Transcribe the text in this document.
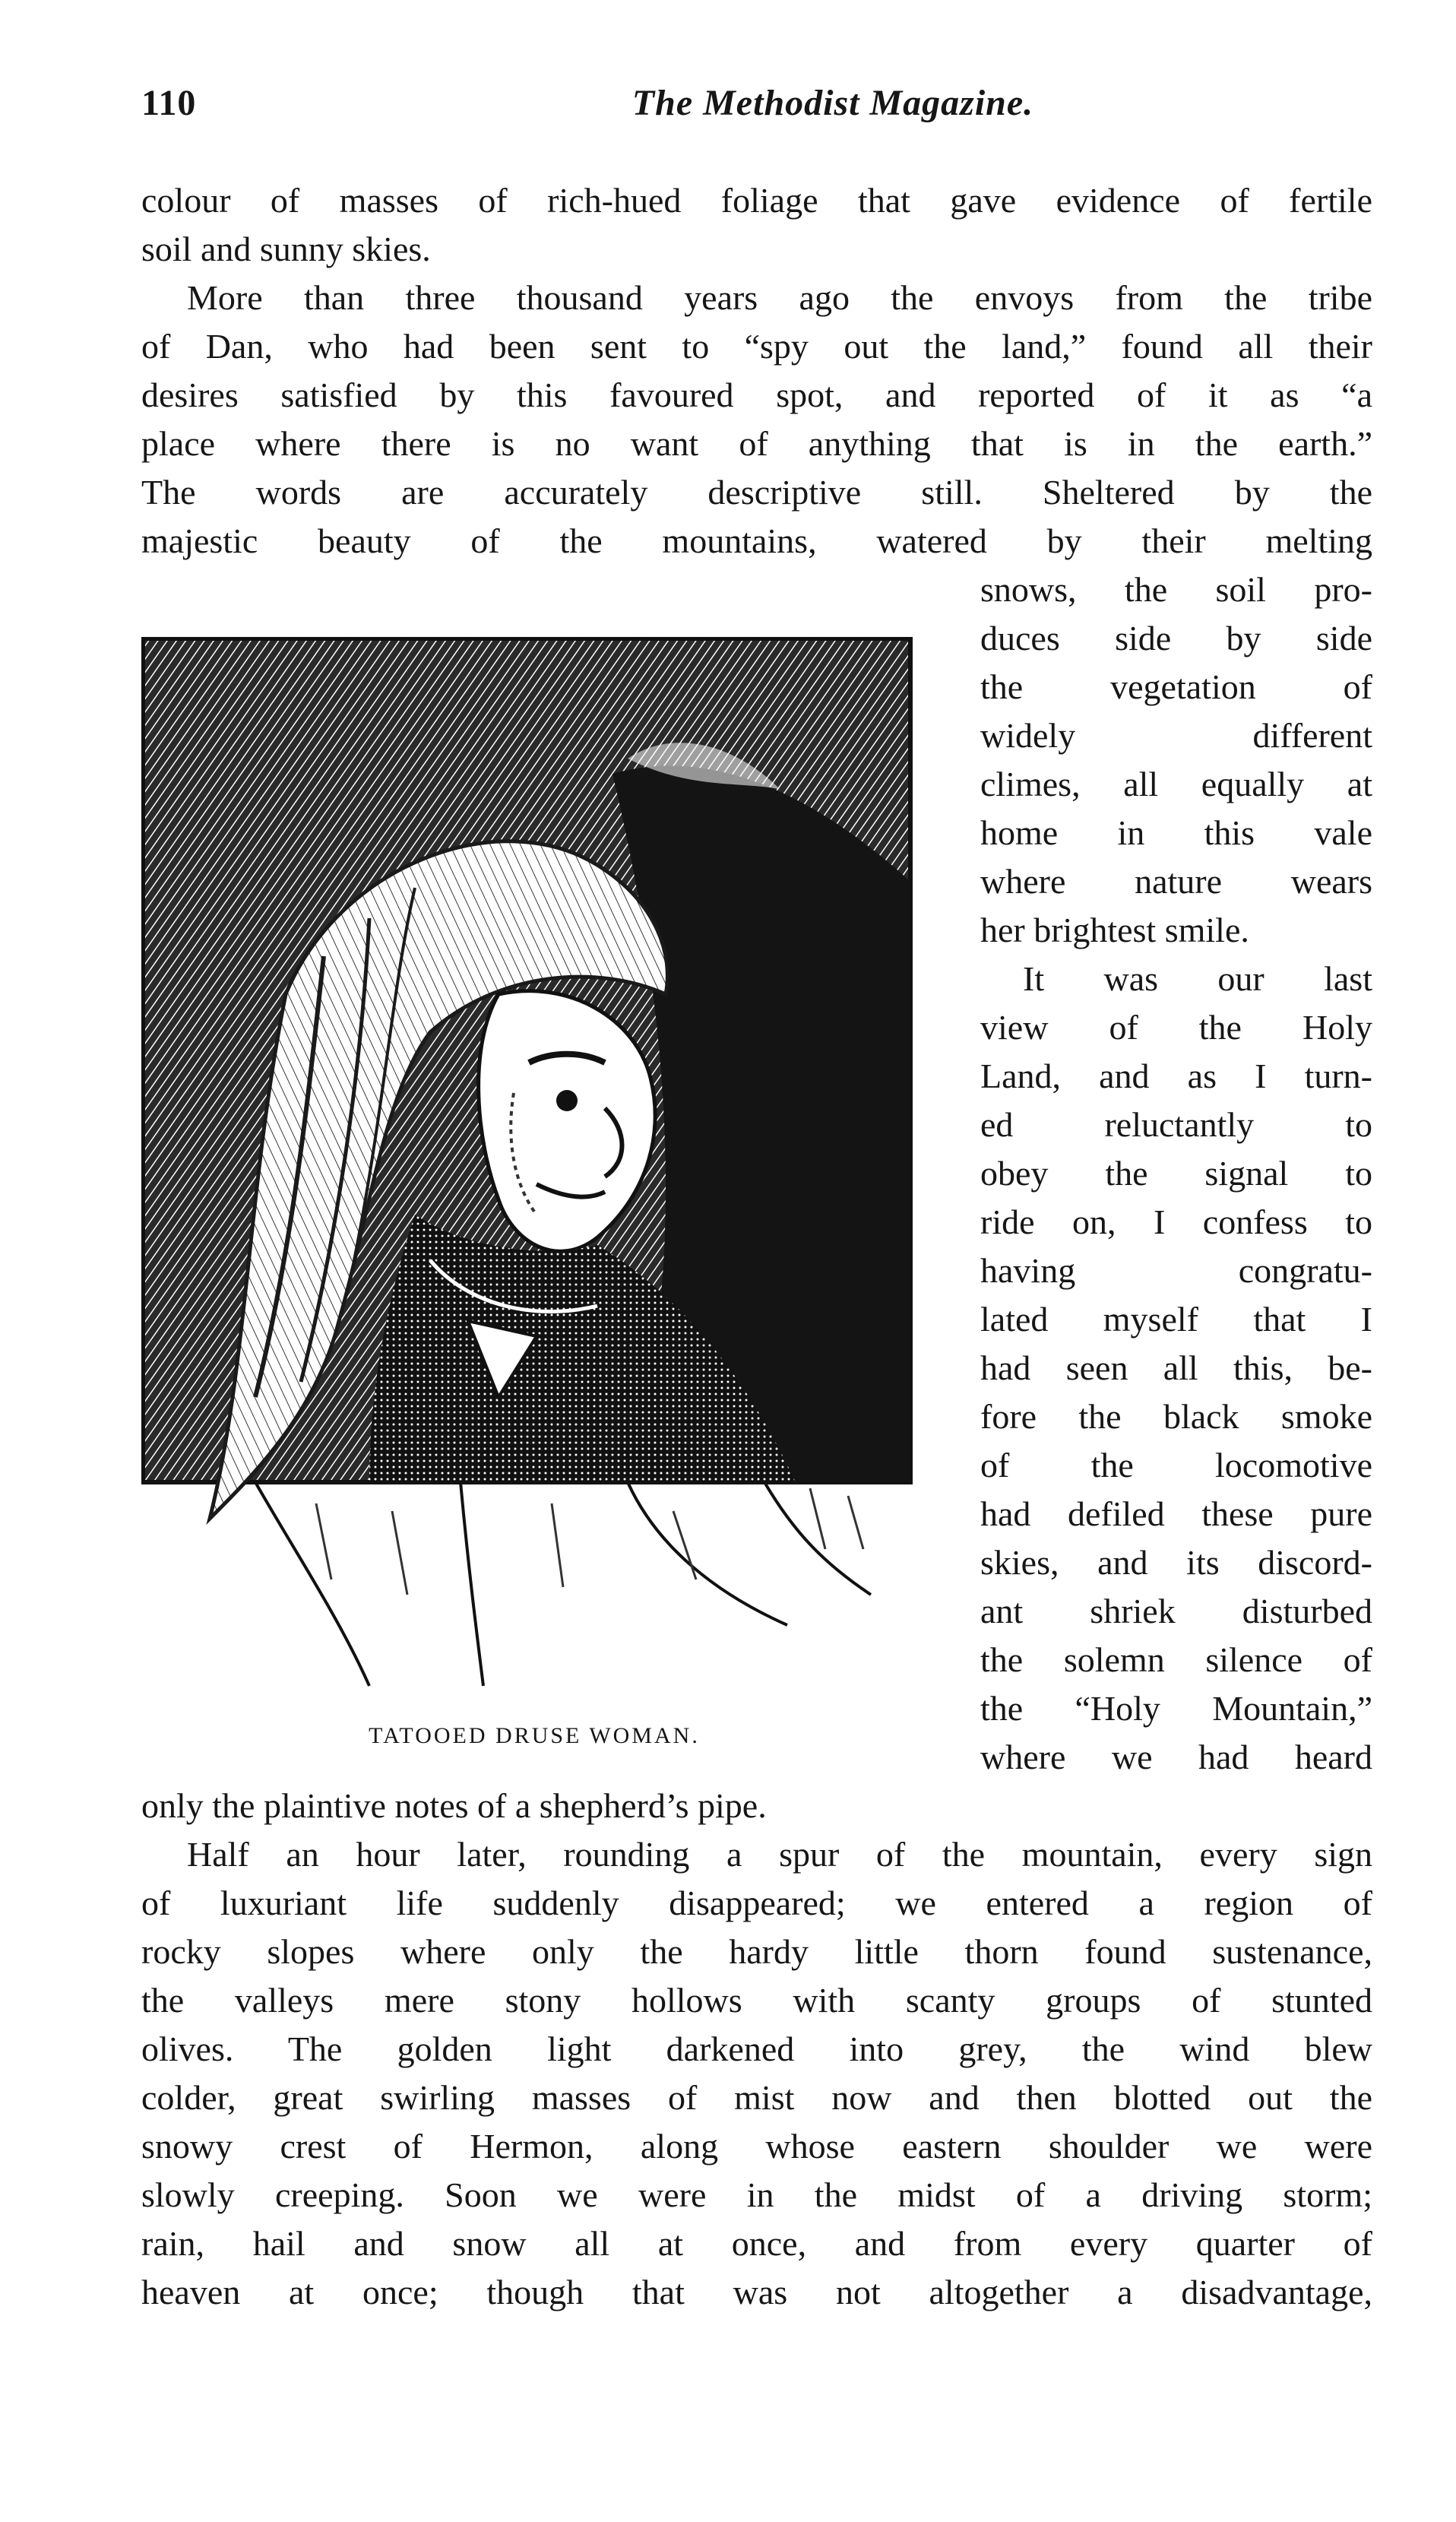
110	The Methodist Magazine.
colour of masses of rich-hued foliage that gave evidence of fertile
soil and sunny skies.
More than three thousand years ago the envoys from the tribe
of Dan, who had been sent to “spy out the land,” found all their
desires satisfied by this favoured spot, and reported of it as “a
place where there is no want of anything that is in the earth.”
The words are accurately descriptive still. Sheltered by the
majestic beauty of the mountains, watered by their melting
TATOOED DRUSE WOMAN.
snows, the soil pro-
duces side by side
the vegetation of
widely different
climes, all equally at
home in this vale
where nature wears
her brightest smile.
It was our last
view of the Holy
Land, and as I turn-
ed reluctantly to
obey the signal to
ride on, I confess to
having congratu-
lated myself that I
had seen all this, be-
fore the black smoke
of the locomotive
had defiled these pure
skies, and its discord-
ant shriek disturbed
the solemn silence of
the “Holy Mountain,”
where we had heard
only the plaintive notes of a shepherd’s pipe.
Half an hour later, rounding a spur of the mountain, every sign
of luxuriant life suddenly disappeared; we entered a region of
rocky slopes where only the hardy little thorn found sustenance,
the valleys mere stony hollows with scanty groups of stunted
olives. The golden light darkened into grey, the wind blew
colder, great swirling masses of mist now and then blotted out the
snowy crest of Hermon, along whose eastern shoulder we were
slowly creeping. Soon we were in the midst of a driving storm;
rain, hail and snow all at once, and from every quarter of
heaven at once; though that was not altogether a disadvantage,
